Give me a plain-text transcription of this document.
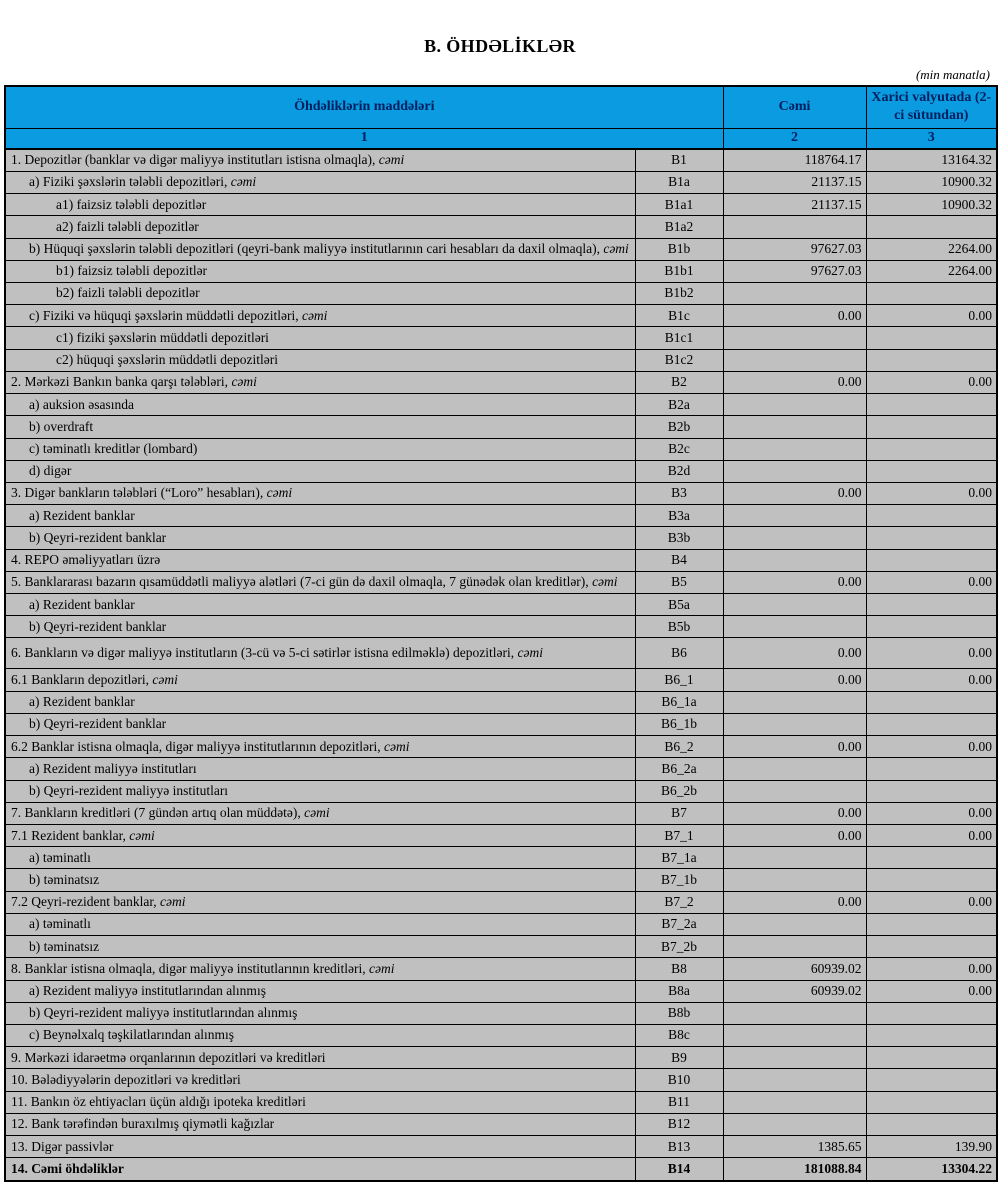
B. ÖHDƏLİKLƏR
(min manatla)
Öhdəliklərin maddələri		Cəmi	Xarici valyutada (2-ci sütundan)
1		2	3
1. Depozitlər (banklar və digər maliyyə institutları istisna olmaqla), cəmi	B1	118764.17	13164.32
a) Fiziki şəxslərin tələbli depozitləri, cəmi	B1a	21137.15	10900.32
a1) faizsiz tələbli depozitlər	B1a1	21137.15	10900.32
a2) faizli tələbli depozitlər	B1a2		
b) Hüquqi şəxslərin tələbli depozitləri (qeyri-bank maliyyə institutlarının cari hesabları da daxil olmaqla), cəmi	B1b	97627.03	2264.00
b1) faizsiz tələbli depozitlər	B1b1	97627.03	2264.00
b2) faizli tələbli depozitlər	B1b2		
c) Fiziki və hüquqi şəxslərin müddətli depozitləri, cəmi	B1c	0.00	0.00
c1) fiziki şəxslərin müddətli depozitləri	B1c1		
c2) hüquqi şəxslərin müddətli depozitləri	B1c2		
2. Mərkəzi Bankın banka qarşı tələbləri, cəmi	B2	0.00	0.00
a) auksion əsasında	B2a		
b) overdraft	B2b		
c) təminatlı kreditlər (lombard)	B2c		
d) digər	B2d		
3. Digər bankların tələbləri (“Loro” hesabları), cəmi	B3	0.00	0.00
a) Rezident banklar	B3a		
b) Qeyri-rezident banklar	B3b		
4. REPO əməliyyatları üzrə	B4		
5. Banklararası bazarın qısamüddətli maliyyə alətləri (7-ci gün də daxil olmaqla, 7 günədək olan kreditlər), cəmi	B5	0.00	0.00
a) Rezident banklar	B5a		
b) Qeyri-rezident banklar	B5b		
6. Bankların və digər maliyyə institutların (3-cü və 5-ci sətirlər istisna edilməklə) depozitləri, cəmi	B6	0.00	0.00
6.1 Bankların depozitləri, cəmi	B6_1	0.00	0.00
a) Rezident banklar	B6_1a		
b) Qeyri-rezident banklar	B6_1b		
6.2 Banklar istisna olmaqla, digər maliyyə institutlarının depozitləri, cəmi	B6_2	0.00	0.00
a) Rezident maliyyə institutları	B6_2a		
b) Qeyri-rezident maliyyə institutları	B6_2b		
7. Bankların kreditləri (7 gündən artıq olan müddətə), cəmi	B7	0.00	0.00
7.1 Rezident banklar, cəmi	B7_1	0.00	0.00
a) təminatlı	B7_1a		
b) təminatsız	B7_1b		
7.2 Qeyri-rezident banklar, cəmi	B7_2	0.00	0.00
a) təminatlı	B7_2a		
b) təminatsız	B7_2b		
8. Banklar istisna olmaqla, digər maliyyə institutlarının kreditləri, cəmi	B8	60939.02	0.00
a) Rezident maliyyə institutlarından alınmış	B8a	60939.02	0.00
b) Qeyri-rezident maliyyə institutlarından alınmış	B8b		
c) Beynəlxalq təşkilatlarından alınmış	B8c		
9. Mərkəzi idarəetmə orqanlarının depozitləri və kreditləri	B9		
10. Bələdiyyələrin depozitləri və kreditləri	B10		
11. Bankın öz ehtiyacları üçün aldığı ipoteka kreditləri	B11		
12. Bank tərəfindən buraxılmış qiymətli kağızlar	B12		
13. Digər passivlər	B13	1385.65	139.90
14. Cəmi öhdəliklər	B14	181088.84	13304.22
